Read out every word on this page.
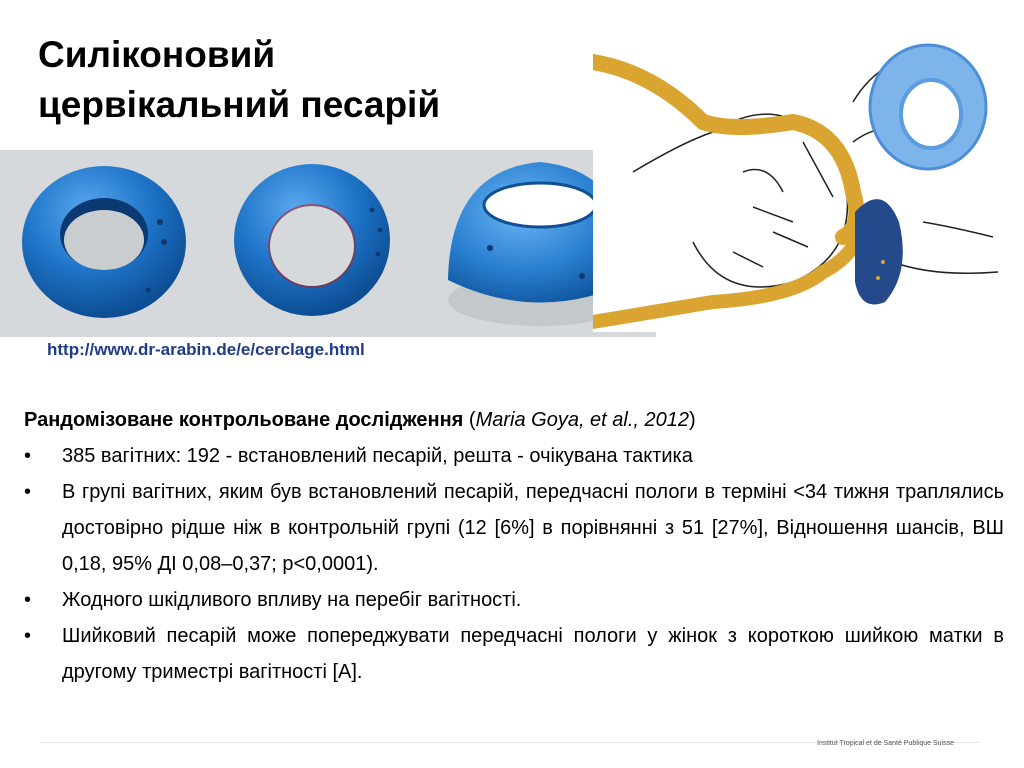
Силіконовий
цервікальний песарій
http://www.dr-arabin.de/e/cerclage.html
Рандомізоване контрольоване дослідження (Maria Goya, et al., 2012)
• 385 вагітних: 192 - встановлений песарій, решта - очікувана тактика
• В групі вагітних, яким був встановлений песарій, передчасні пологи в терміні <34 тижня траплялись достовірно рідше ніж в контрольній групі (12 [6%] в порівнянні з 51 [27%], Відношення шансів, ВШ 0,18, 95% ДІ 0,08–0,37; p<0,0001).
• Жодного шкідливого впливу на перебіг вагітності.
• Шийковий песарій може попереджувати передчасні пологи у жінок з короткою шийкою матки в другому триместрі вагітності [A].
Institut Tropical et de Santé Publique Suisse
